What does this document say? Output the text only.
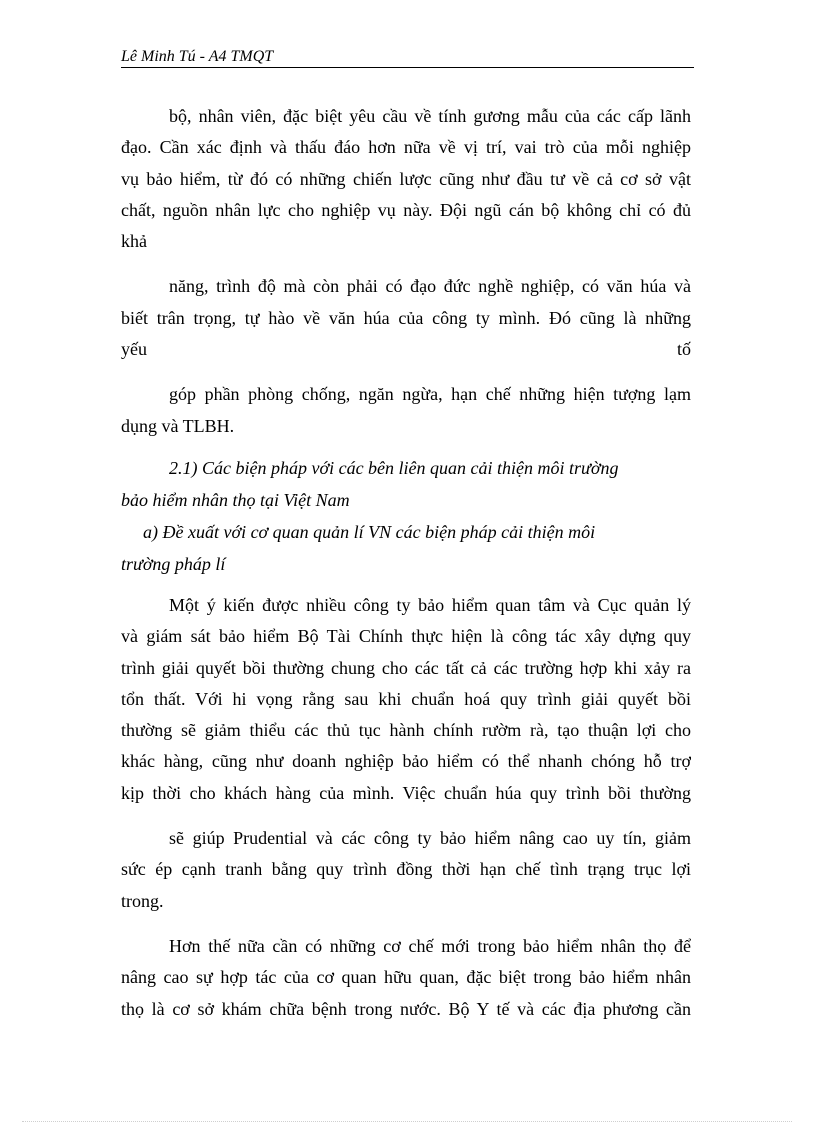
Lê Minh Tú - A4 TMQT
bộ, nhân viên, đặc biệt yêu cầu về tính gương mẫu của các cấp lãnh
đạo. Cần xác định và thấu đáo hơn nữa về vị trí, vai trò của mỗi nghiệp
vụ bảo hiểm, từ đó có những chiến lược cũng như đầu tư về cả cơ sở vật
chất, nguồn nhân lực cho nghiệp vụ này. Đội ngũ cán bộ không chỉ có đủ
khả
năng, trình độ mà còn phải có đạo đức nghề nghiệp, có văn húa và
biết trân trọng, tự hào về văn húa của công ty mình. Đó cũng là những
yếu tố
góp phần phòng chống, ngăn ngừa, hạn chế những hiện tượng lạm
dụng và TLBH.
2.1) Các biện pháp với các bên liên quan cải thiện môi trường
bảo hiểm nhân thọ tại Việt Nam
a) Đề xuất với cơ quan quản lí VN các biện pháp cải thiện môi
trường pháp lí
Một ý kiến được nhiều công ty bảo hiểm quan tâm và Cục quản lý
và giám sát bảo hiểm Bộ Tài Chính thực hiện là công tác xây dựng quy
trình giải quyết bồi thường chung cho các tất cả các trường hợp khi xảy ra
tổn thất. Với hi vọng rằng sau khi chuẩn hoá quy trình giải quyết bồi
thường sẽ giảm thiểu các thủ tục hành chính rườm rà, tạo thuận lợi cho
khác hàng, cũng như doanh nghiệp bảo hiểm có thể nhanh chóng hỗ trợ
kịp thời cho khách hàng của mình. Việc chuẩn húa quy trình bồi thường
sẽ giúp Prudential và các công ty bảo hiểm nâng cao uy tín, giảm
sức ép cạnh tranh bằng quy trình đồng thời hạn chế tình trạng trục lợi
trong.
Hơn thế nữa cần có những cơ chế mới trong bảo hiểm nhân thọ để
nâng cao sự hợp tác của cơ quan hữu quan, đặc biệt trong bảo hiểm nhân
thọ là cơ sở khám chữa bệnh trong nước. Bộ Y tế và các địa phương cần
